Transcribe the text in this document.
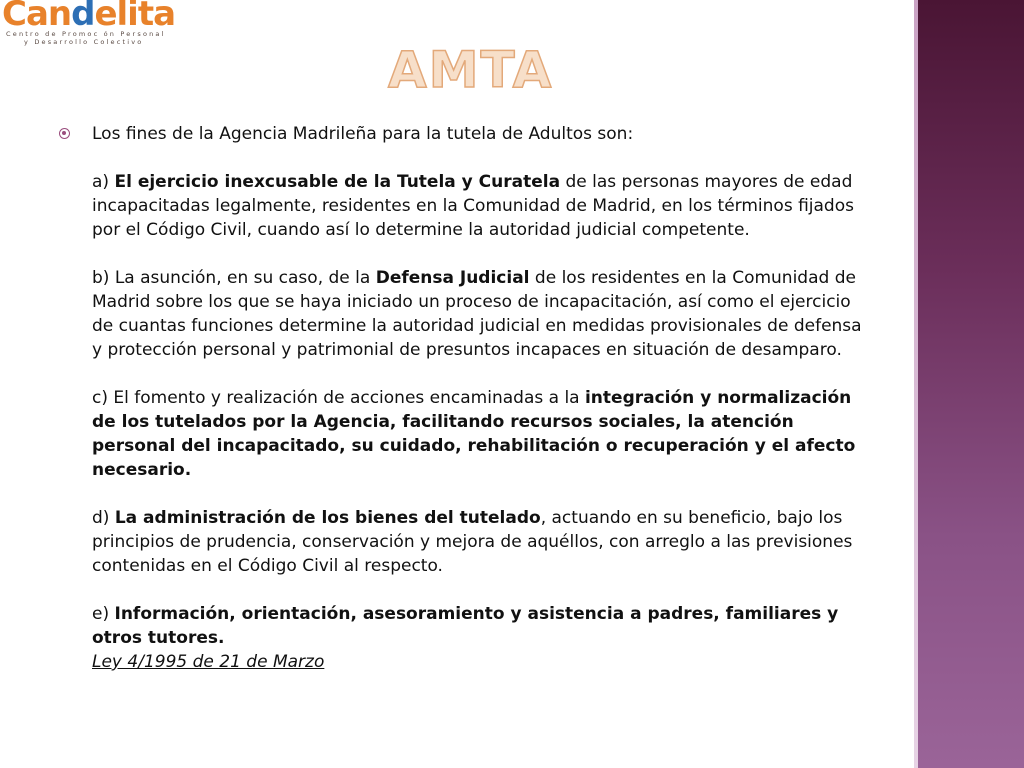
Candelita
Centro de Promoc ón Personal
y Desarrollo Colectivo	AMTA

Los fines de la Agencia Madrileña para la tutela de Adultos son:

a) El ejercicio inexcusable de la Tutela y Curatela de las personas mayores de edad incapacitadas legalmente, residentes en la Comunidad de Madrid, en los términos fijados por el Código Civil, cuando así lo determine la autoridad judicial competente.

b) La asunción, en su caso, de la Defensa Judicial de los residentes en la Comunidad de Madrid sobre los que se haya iniciado un proceso de incapacitación, así como el ejercicio de cuantas funciones determine la autoridad judicial en medidas provisionales de defensa y protección personal y patrimonial de presuntos incapaces en situación de desamparo.

c) El fomento y realización de acciones encaminadas a la integración y normalización de los tutelados por la Agencia, facilitando recursos sociales, la atención personal del incapacitado, su cuidado, rehabilitación o recuperación y el afecto necesario.

d) La administración de los bienes del tutelado, actuando en su beneficio, bajo los principios de prudencia, conservación y mejora de aquéllos, con arreglo a las previsiones contenidas en el Código Civil al respecto.

e) Información, orientación, asesoramiento y asistencia a padres, familiares y otros tutores.

Ley 4/1995 de 21 de Marzo
